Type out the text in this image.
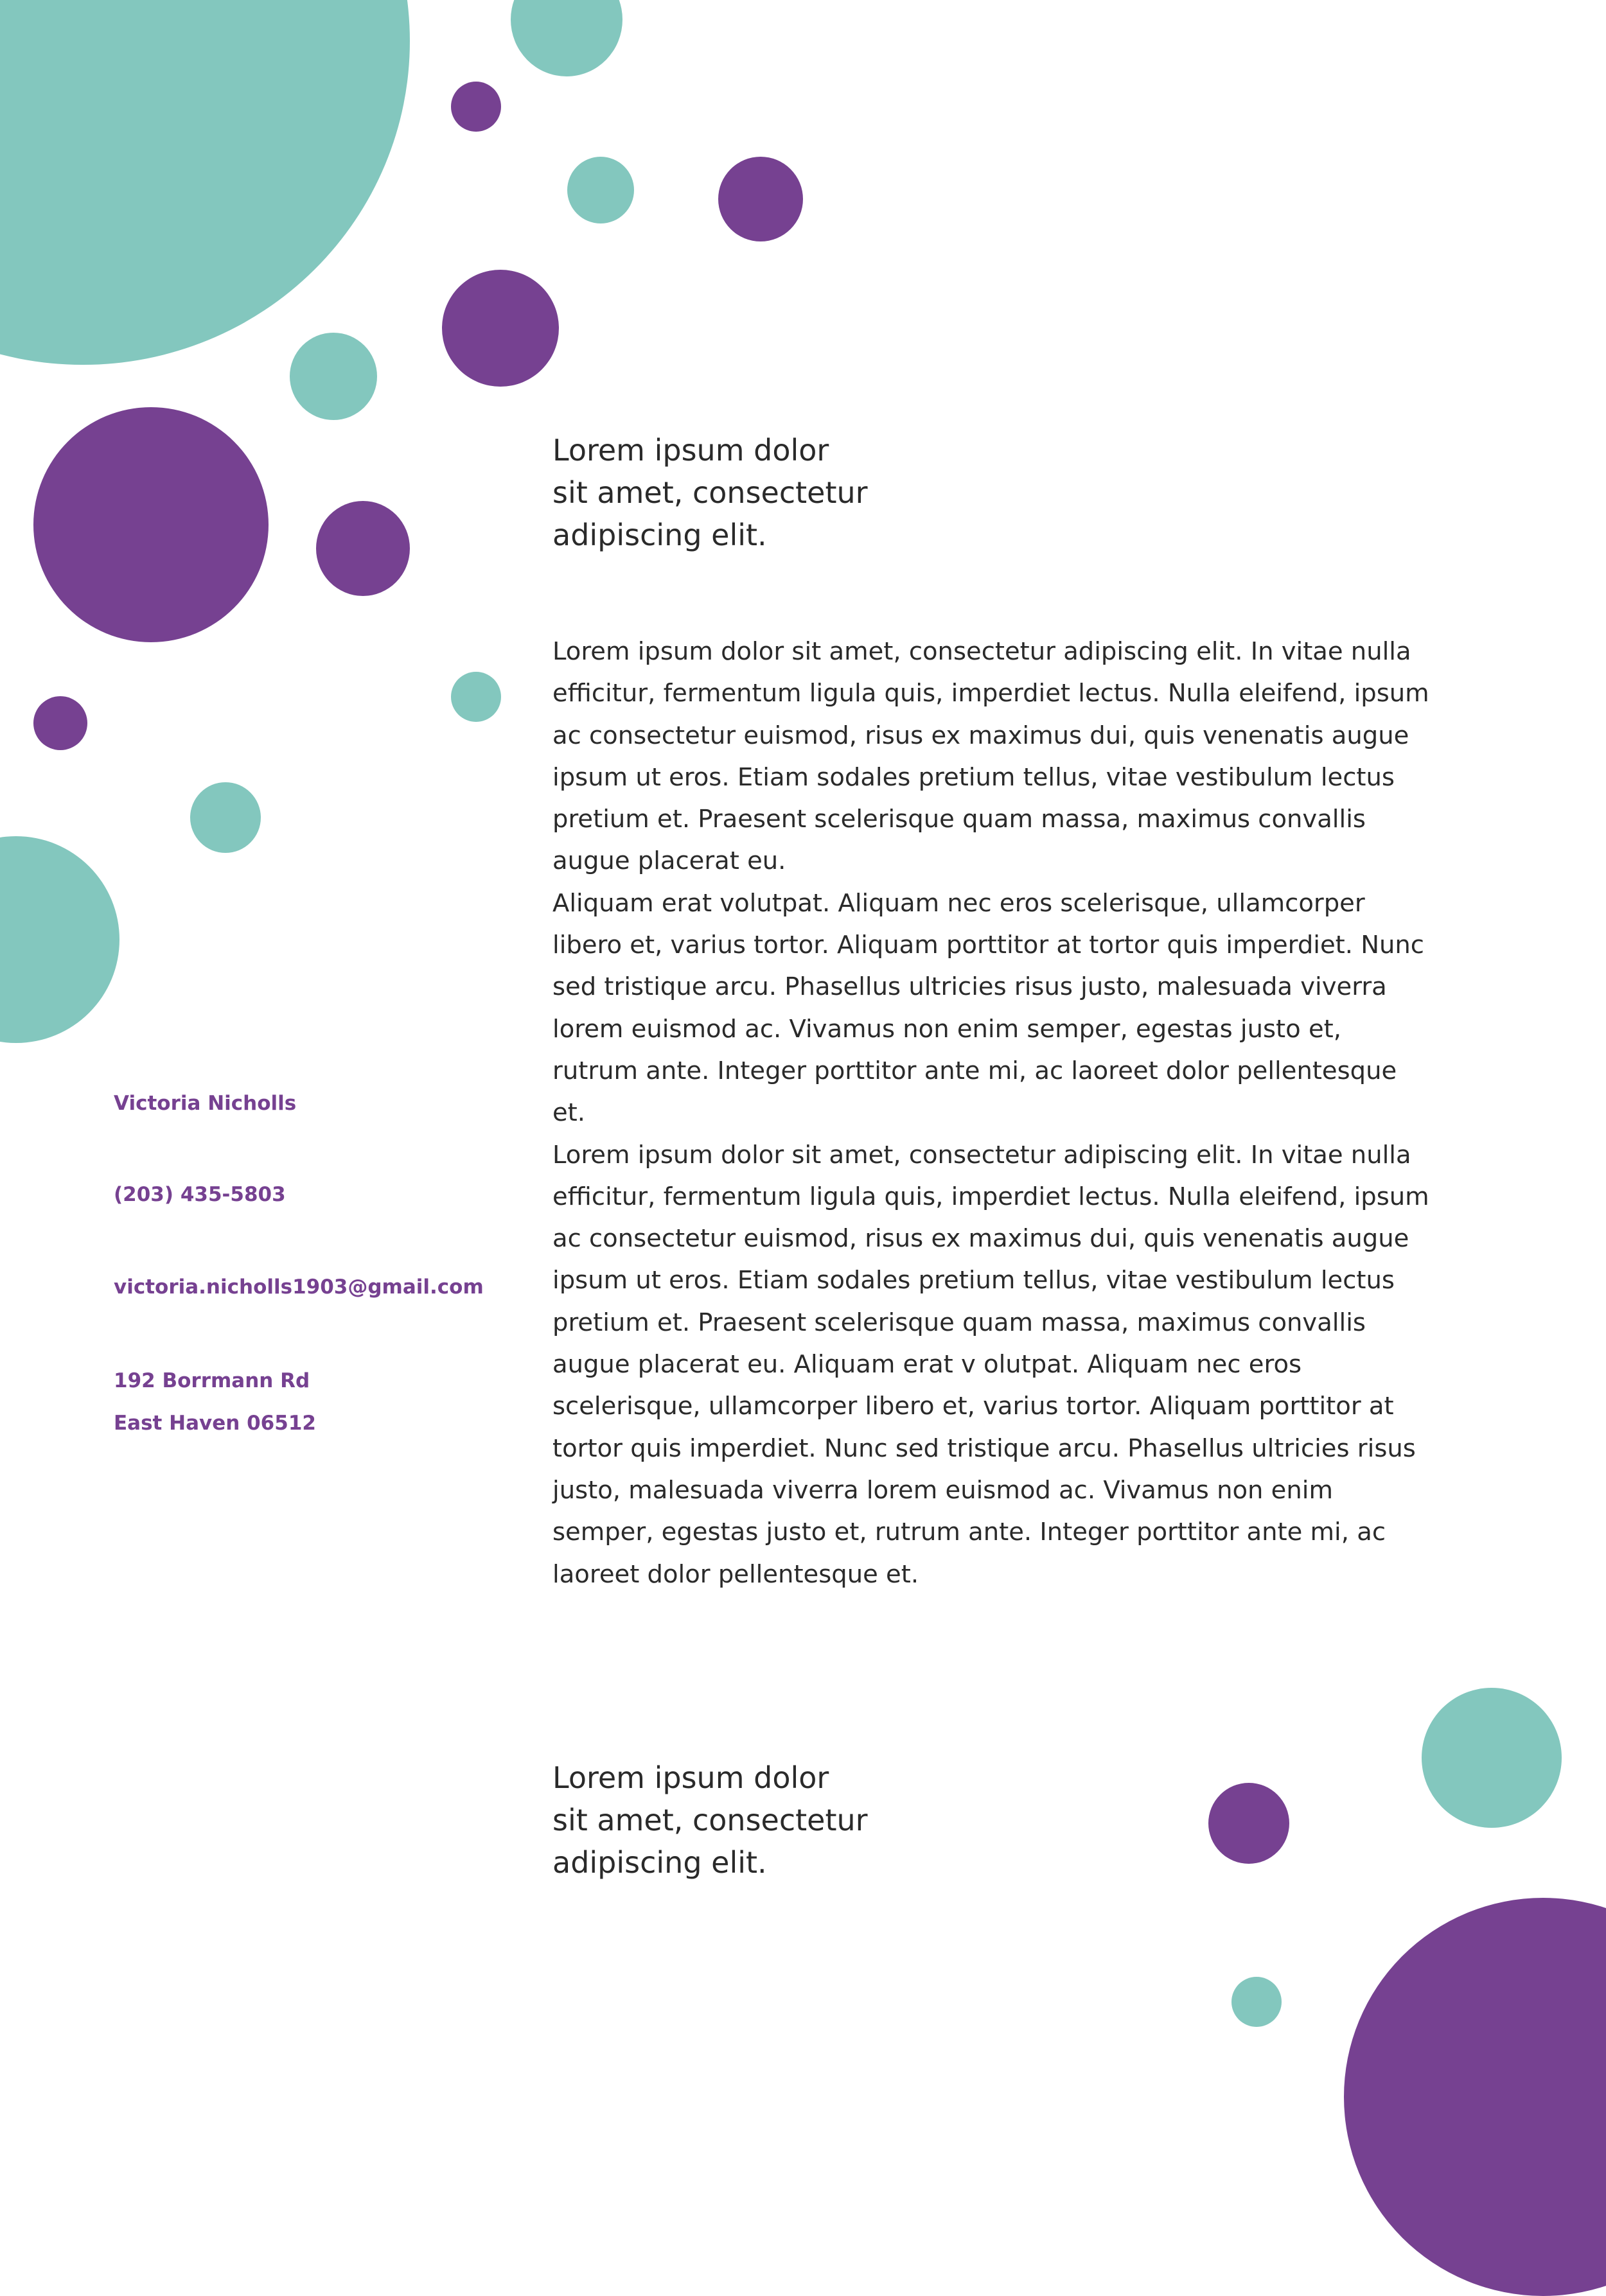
Lorem ipsum dolor
sit amet, consectetur
adipiscing elit.

Lorem ipsum dolor sit amet, consectetur adipiscing elit. In vitae nulla efficitur, fermentum ligula quis, imperdiet lectus. Nulla eleifend, ipsum ac consectetur euismod, risus ex maximus dui, quis venenatis augue ipsum ut eros. Etiam sodales pretium tellus, vitae vestibulum lectus pretium et. Praesent scelerisque quam massa, maximus convallis augue placerat eu.

Aliquam erat volutpat. Aliquam nec eros scelerisque, ullamcorper libero et, varius tortor. Aliquam porttitor at tortor quis imperdiet. Nunc sed tristique arcu. Phasellus ultricies risus justo, malesuada viverra lorem euismod ac. Vivamus non enim semper, egestas justo et, rutrum ante. Integer porttitor ante mi, ac laoreet dolor pellentesque et.

Lorem ipsum dolor sit amet, consectetur adipiscing elit. In vitae nulla efficitur, fermentum ligula quis, imperdiet lectus. Nulla eleifend, ipsum ac consectetur euismod, risus ex maximus dui, quis venenatis augue ipsum ut eros. Etiam sodales pretium tellus, vitae vestibulum lectus pretium et. Praesent scelerisque quam massa, maximus convallis augue placerat eu. Aliquam erat v olutpat. Aliquam nec eros scelerisque, ullamcorper libero et, varius tortor. Aliquam porttitor at tortor quis imperdiet. Nunc sed tristique arcu. Phasellus ultricies risus justo, malesuada viverra lorem euismod ac. Vivamus non enim semper, egestas justo et, rutrum ante. Integer porttitor ante mi, ac laoreet dolor pellentesque et.

Lorem ipsum dolor
sit amet, consectetur
adipiscing elit.

Victoria Nicholls

(203) 435-5803

victoria.nicholls1903@gmail.com

192 Borrmann Rd

East Haven 06512
